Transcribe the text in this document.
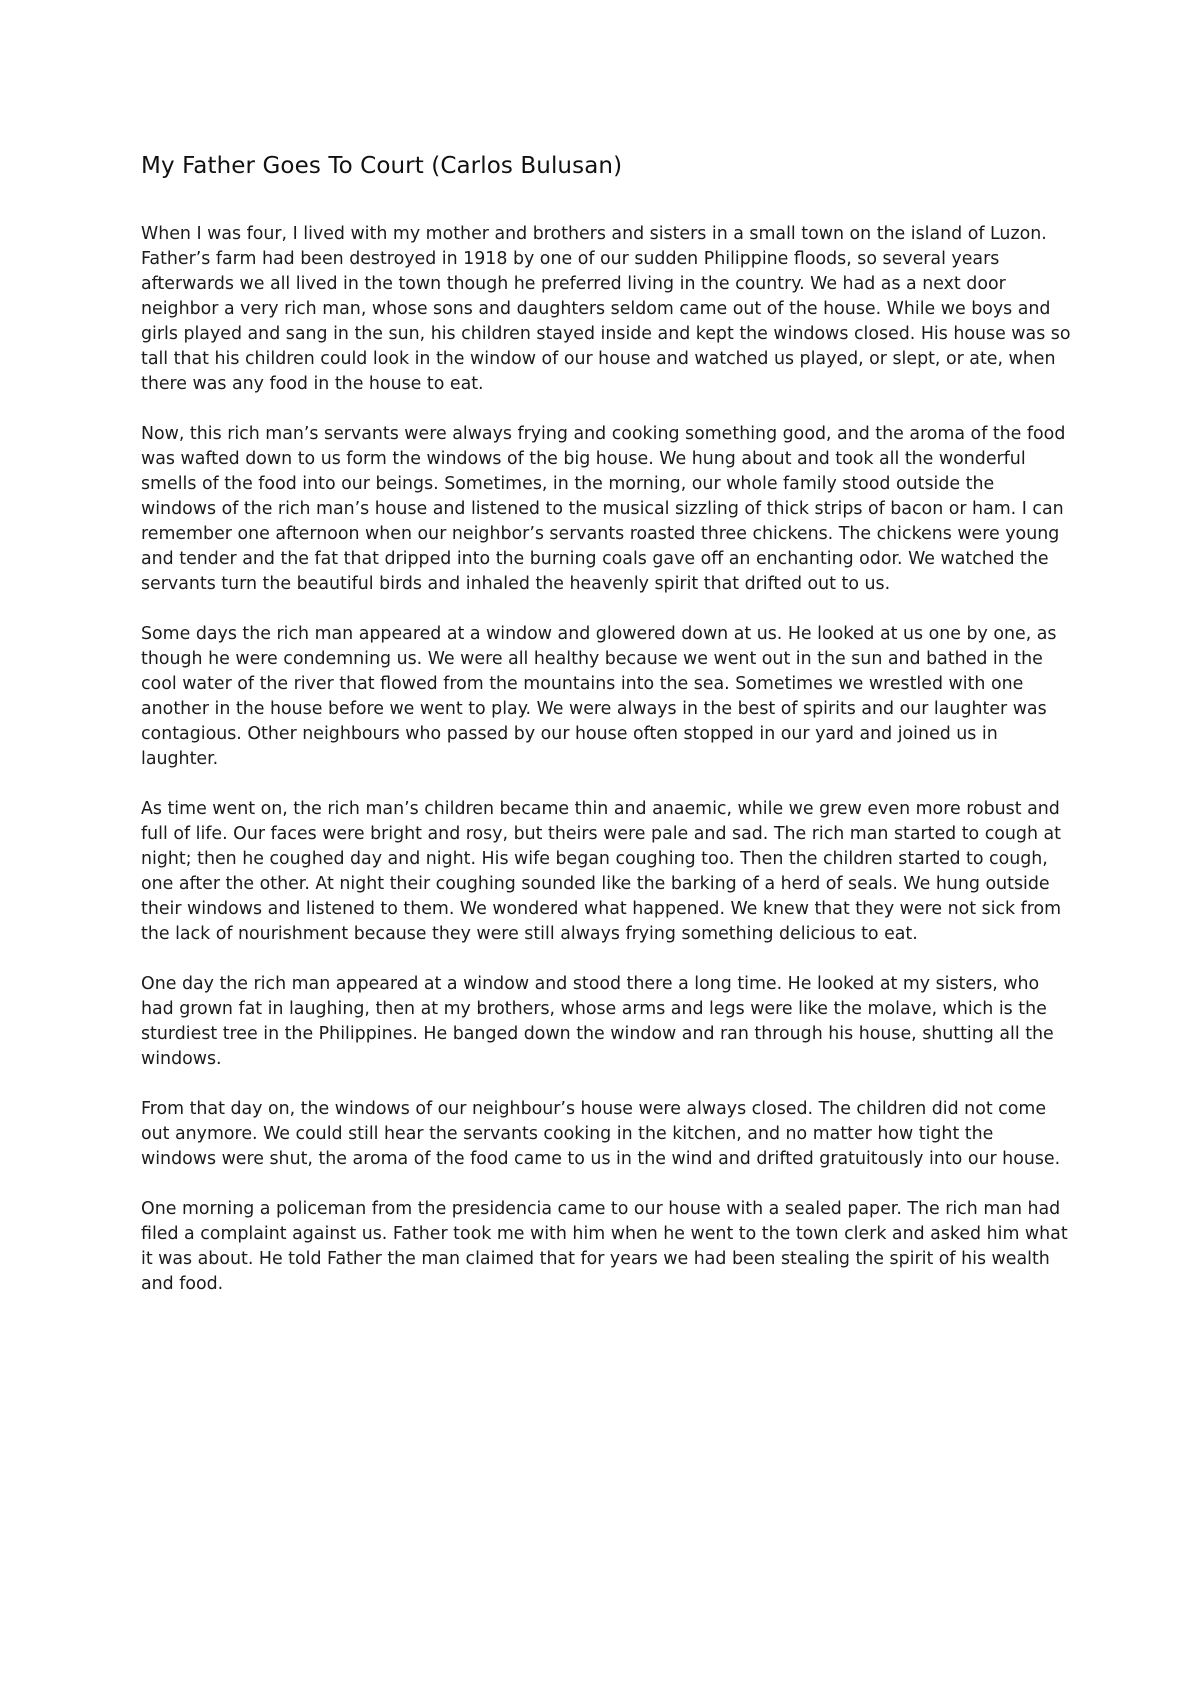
My Father Goes To Court (Carlos Bulusan)

When I was four, I lived with my mother and brothers and sisters in a small town on the island of Luzon. Father’s farm had been destroyed in 1918 by one of our sudden Philippine floods, so several years afterwards we all lived in the town though he preferred living in the country. We had as a next door neighbor a very rich man, whose sons and daughters seldom came out of the house. While we boys and girls played and sang in the sun, his children stayed inside and kept the windows closed. His house was so tall that his children could look in the window of our house and watched us played, or slept, or ate, when there was any food in the house to eat.

Now, this rich man’s servants were always frying and cooking something good, and the aroma of the food was wafted down to us form the windows of the big house. We hung about and took all the wonderful smells of the food into our beings. Sometimes, in the morning, our whole family stood outside the windows of the rich man’s house and listened to the musical sizzling of thick strips of bacon or ham. I can remember one afternoon when our neighbor’s servants roasted three chickens. The chickens were young and tender and the fat that dripped into the burning coals gave off an enchanting odor. We watched the servants turn the beautiful birds and inhaled the heavenly spirit that drifted out to us.

Some days the rich man appeared at a window and glowered down at us. He looked at us one by one, as though he were condemning us. We were all healthy because we went out in the sun and bathed in the cool water of the river that flowed from the mountains into the sea. Sometimes we wrestled with one another in the house before we went to play. We were always in the best of spirits and our laughter was contagious. Other neighbours who passed by our house often stopped in our yard and joined us in laughter.

As time went on, the rich man’s children became thin and anaemic, while we grew even more robust and full of life. Our faces were bright and rosy, but theirs were pale and sad. The rich man started to cough at night; then he coughed day and night. His wife began coughing too. Then the children started to cough, one after the other. At night their coughing sounded like the barking of a herd of seals. We hung outside their windows and listened to them. We wondered what happened. We knew that they were not sick from the lack of nourishment because they were still always frying something delicious to eat.

One day the rich man appeared at a window and stood there a long time. He looked at my sisters, who had grown fat in laughing, then at my brothers, whose arms and legs were like the molave, which is the sturdiest tree in the Philippines. He banged down the window and ran through his house, shutting all the windows.

From that day on, the windows of our neighbour’s house were always closed. The children did not come out anymore. We could still hear the servants cooking in the kitchen, and no matter how tight the windows were shut, the aroma of the food came to us in the wind and drifted gratuitously into our house.

One morning a policeman from the presidencia came to our house with a sealed paper. The rich man had filed a complaint against us. Father took me with him when he went to the town clerk and asked him what it was about. He told Father the man claimed that for years we had been stealing the spirit of his wealth and food.
